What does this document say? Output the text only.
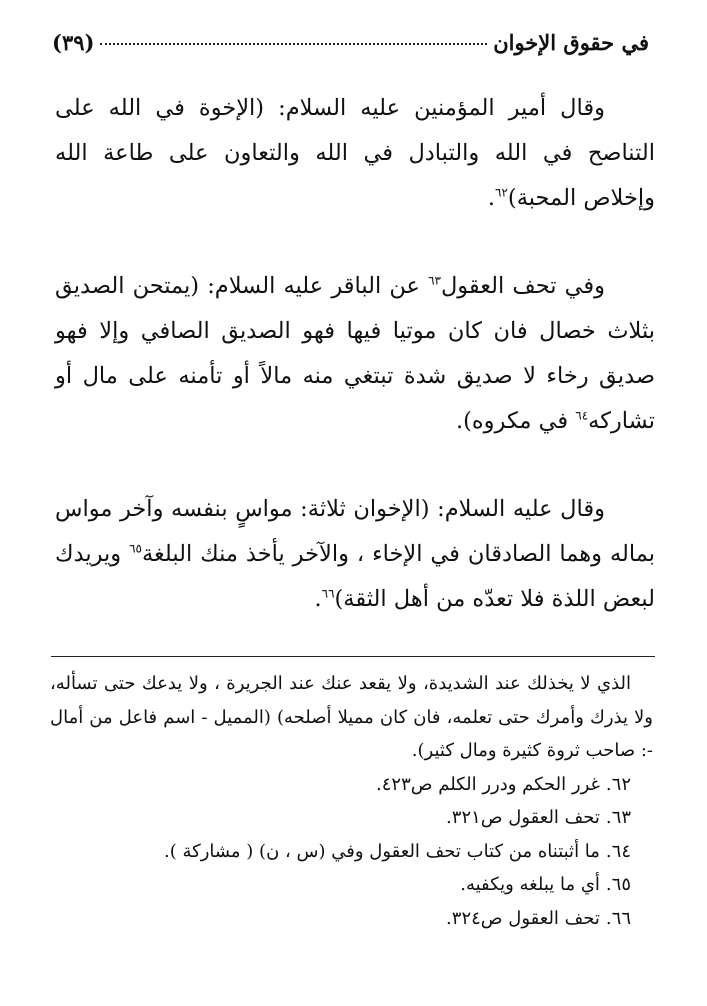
في حقوق الإخوان
(٣٩)

وقال أمير المؤمنين عليه السلام: (الإخوة في الله على التناصح في الله والتبادل في الله والتعاون على طاعة الله وإخلاص المحبة)$^{٦٢}$.

وفي تحف العقول$^{٦٣}$ عن الباقر عليه السلام: (يمتحن الصديق بثلاث خصال فان كان موتيا فيها فهو الصديق الصافي وإلا فهو صديق رخاء لا صديق شدة تبتغي منه مالاً أو تأمنه على مال أو تشاركه$^{٦٤}$ في مكروه).

وقال عليه السلام: (الإخوان ثلاثة: مواسٍ بنفسه وآخر مواس بماله وهما الصادقان في الإخاء ، والآخر يأخذ منك البلغة$^{٦٥}$ ويريدك لبعض اللذة فلا تعدّه من أهل الثقة)$^{٦٦}$.

الذي لا يخذلك عند الشديدة، ولا يقعد عنك عند الجريرة ، ولا يدعك حتى تسأله، ولا يذرك وأمرك حتى تعلمه، فان كان مميلا أصلحه) (المميل - اسم فاعل من أمال -: صاحب ثروة كثيرة ومال كثير).

٦٢.غرر الحكم ودرر الكلم ص٤٢٣.
٦٣.تحف العقول ص٣٢١.
٦٤.ما أثبتناه من كتاب تحف العقول وفي (س ، ن) ( مشاركة ).
٦٥.أي ما يبلغه ويكفيه.
٦٦.تحف العقول ص٣٢٤.
